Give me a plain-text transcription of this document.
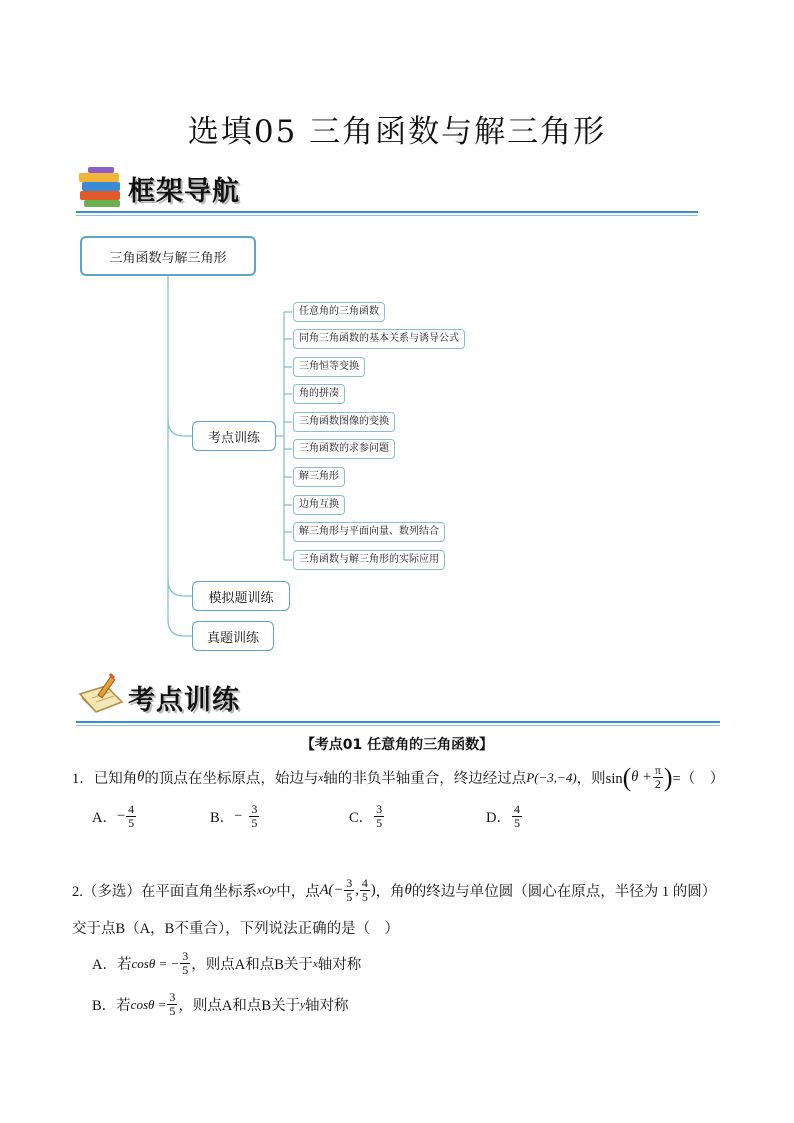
选填05 三角函数与解三角形
框架导航
三角函数与解三角形
考点训练
模拟题训练
真题训练
任意角的三角函数
同角三角函数的基本关系与诱导公式
三角恒等变换
角的拼凑
三角函数图像的变换
三角函数的求参问题
解三角形
边角互换
解三角形与平面向量、数列结合
三角函数与解三角形的实际应用
考点训练
【考点01 任意角的三角函数】
1．已知角 θ 的顶点在坐标原点，始边与 x 轴的非负半轴重合，终边经过点 P(−3,−4) ，则sin ( $\theta + \frac{\pi}{2}$ ) =（　）
A． − $\frac{4}{5}$	B． − $\frac{3}{5}$	C． $\frac{3}{5}$	D． $\frac{4}{5}$
2.（多选）在平面直角坐标系 xOy 中，点 $A(- \frac{3}{5}$ , $\frac{4}{5}$ ) ，角 θ 的终边与单位圆（圆心在原点，半径为 1 的圆）
交于点B（A，B不重合），下列说法正确的是（　）
A．若 cosθ = − $\frac{3}{5}$ ，则点A和点B关于 x 轴对称
B．若 $\cos\theta = \frac{3}{5}$ ，则点A和点B关于 y 轴对称
